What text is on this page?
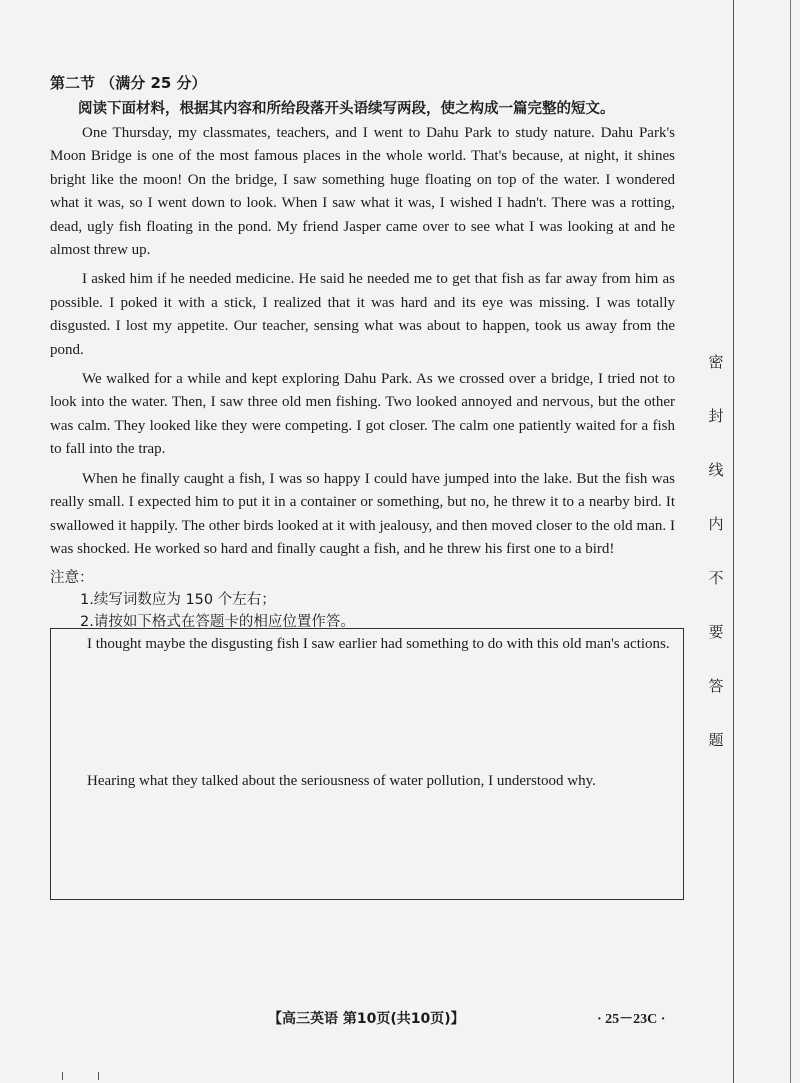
密
封
线
内
不
要
答
题

第二节 （满分 25 分）

阅读下面材料，根据其内容和所给段落开头语续写两段，使之构成一篇完整的短文。

One Thursday, my classmates, teachers, and I went to Dahu Park to study nature. Dahu Park's Moon Bridge is one of the most famous places in the whole world. That's because, at night, it shines bright like the moon! On the bridge, I saw something huge floating on top of the water. I wondered what it was, so I went down to look. When I saw what it was, I wished I hadn't. There was a rotting, dead, ugly fish floating in the pond. My friend Jasper came over to see what I was looking at and he almost threw up.

I asked him if he needed medicine. He said he needed me to get that fish as far away from him as possible. I poked it with a stick, I realized that it was hard and its eye was missing. I was totally disgusted. I lost my appetite. Our teacher, sensing what was about to happen, took us away from the pond.

We walked for a while and kept exploring Dahu Park. As we crossed over a bridge, I tried not to look into the water. Then, I saw three old men fishing. Two looked annoyed and nervous, but the other was calm. They looked like they were competing. I got closer. The calm one patiently waited for a fish to fall into the trap.

When he finally caught a fish, I was so happy I could have jumped into the lake. But the fish was really small. I expected him to put it in a container or something, but no, he threw it to a nearby bird. It swallowed it happily. The other birds looked at it with jealousy, and then moved closer to the old man. I was shocked. He worked so hard and finally caught a fish, and he threw his first one to a bird!

注意：

1.续写词数应为 150 个左右；

2.请按如下格式在答题卡的相应位置作答。

I thought maybe the disgusting fish I saw earlier had something to do with this old man's actions.

Hearing what they talked about the seriousness of water pollution, I understood why.

【高三英语 第10页(共10页)】	· 25－23C ·
